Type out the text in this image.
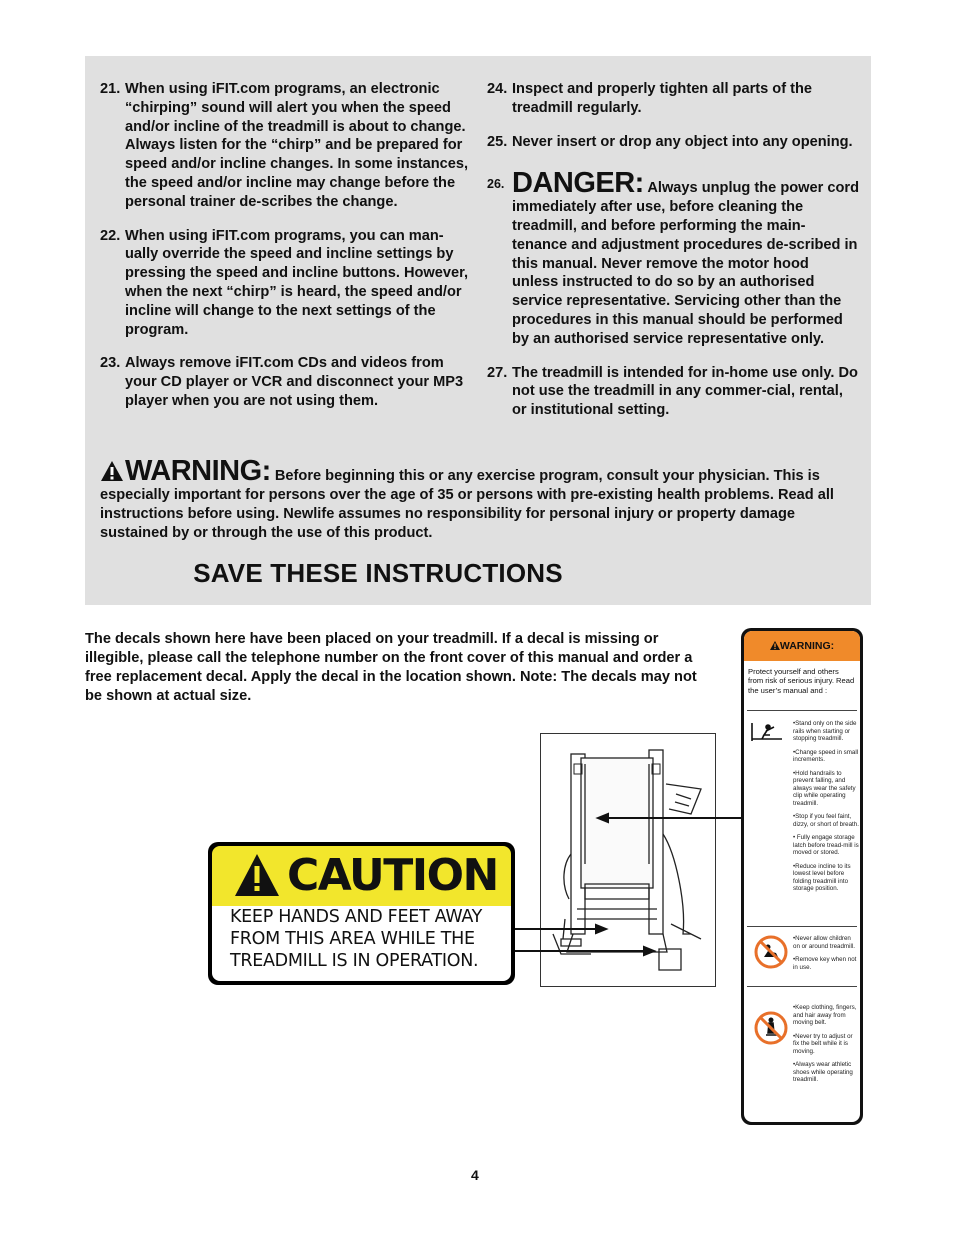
21. When using iFIT.com programs, an electronic “chirping” sound will alert you when the speed and/or incline of the treadmill is about to change. Always listen for the “chirp” and be prepared for speed and/or incline changes. In some instances, the speed and/or incline may change before the personal trainer de-scribes the change.
22. When using iFIT.com programs, you can man-ually override the speed and incline settings by pressing the speed and incline buttons. However, when the next “chirp” is heard, the speed and/or incline will change to the next settings of the program.
23. Always remove iFIT.com CDs and videos from your CD player or VCR and disconnect your MP3 player when you are not using them.
24. Inspect and properly tighten all parts of the treadmill regularly.
25. Never insert or drop any object into any opening.
26. DANGER: Always unplug the power cord immediately after use, before cleaning the treadmill, and before performing the main-tenance and adjustment procedures de-scribed in this manual. Never remove the motor hood unless instructed to do so by an authorised service representative. Servicing other than the procedures in this manual should be performed by an authorised service representative only.
27. The treadmill is intended for in-home use only. Do not use the treadmill in any commer-cial, rental, or institutional setting.
WARNING: Before beginning this or any exercise program, consult your physician. This is especially important for persons over the age of 35 or persons with pre-existing health problems. Read all instructions before using. Newlife assumes no responsibility for personal injury or property damage sustained by or through the use of this product.
SAVE THESE INSTRUCTIONS
The decals shown here have been placed on your treadmill. If a decal is missing or illegible, please call the telephone number on the front cover of this manual and order a free replacement decal. Apply the decal in the location shown. Note: The decals may not be shown at actual size.
CAUTION
KEEP HANDS AND FEET AWAY
FROM THIS AREA WHILE THE
TREADMILL IS IN OPERATION.
WARNING:
Protect yourself and others from risk of serious injury. Read the user’s manual and :

•Stand only on the side rails when starting or stopping treadmill.

•Change speed in small increments.

•Hold handrails to prevent falling, and always wear the safety clip while operating treadmill.

•Stop if you feel faint, dizzy, or short of breath.

• Fully engage storage latch before tread-mill is moved or stored.

•Reduce incline to its lowest level before folding treadmill into storage position.

•Never allow children on or around treadmill.

•Remove key when not in use.

•Keep clothing, fingers, and hair away from moving belt.

•Never try to adjust or fix the belt while it is moving.

•Always wear athletic shoes while operating treadmill.

4
